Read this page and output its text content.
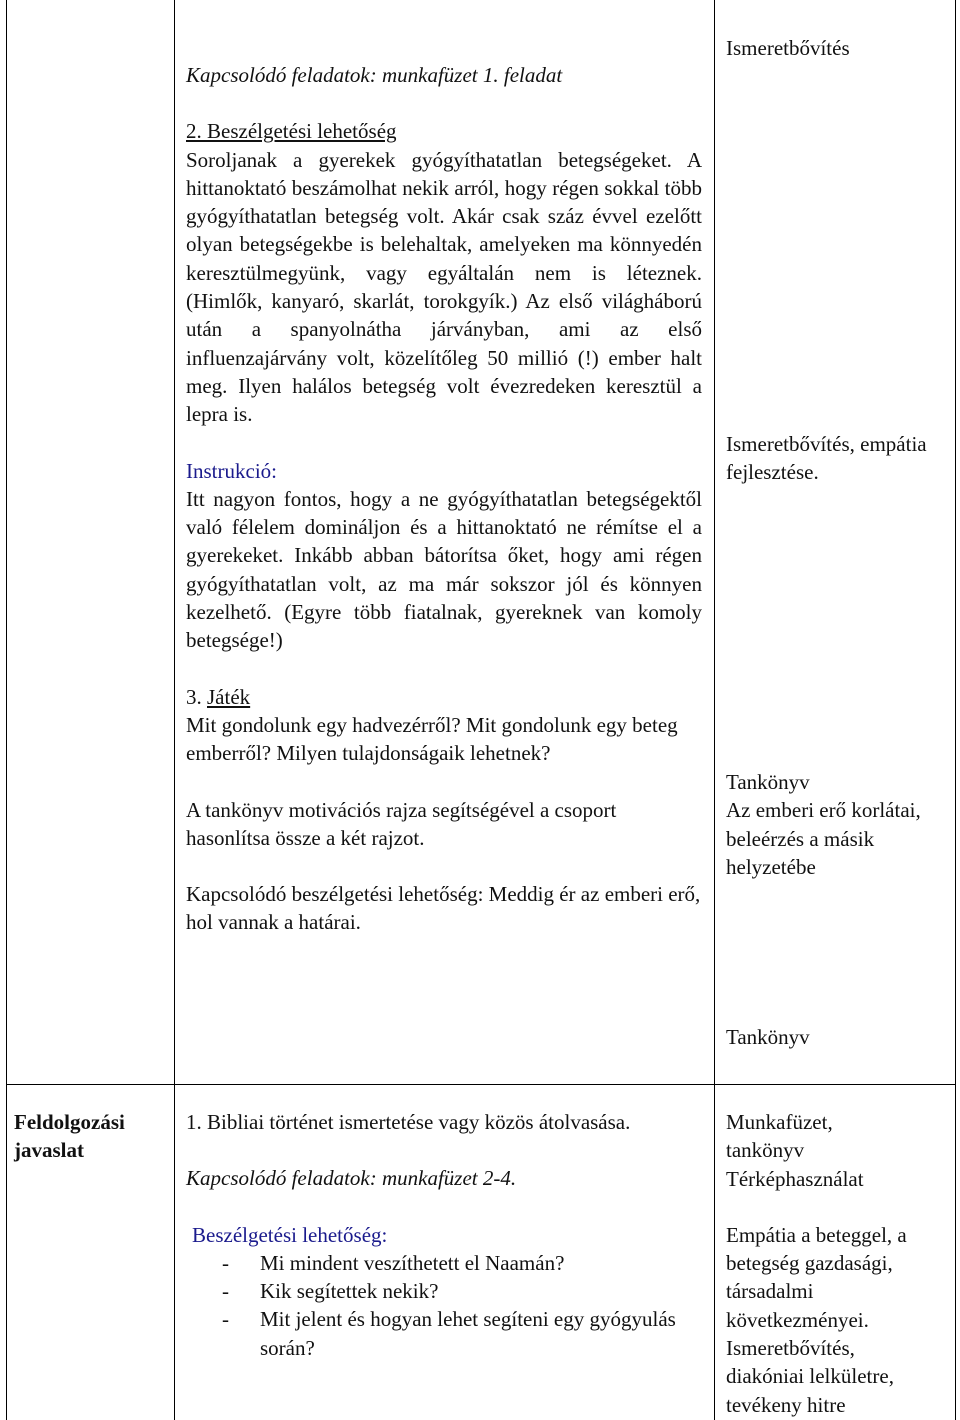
Kapcsolódó feladatok: munkafüzet 1. feladat
2. Beszélgetési lehetőség
Soroljanak a gyerekek gyógyíthatatlan betegségeket. A hittanoktató beszámolhat nekik arról, hogy régen sokkal több gyógyíthatatlan betegség volt. Akár csak száz évvel ezelőtt olyan betegségekbe is belehaltak, amelyeken ma könnyedén keresztülmegyünk, vagy egyáltalán nem is léteznek. (Himlők, kanyaró, skarlát, torokgyík.) Az első világháború után a spanyolnátha járványban, ami az első influenzajárvány volt, közelítőleg 50 millió (!) ember halt meg. Ilyen halálos betegség volt évezredeken keresztül a lepra is.
Instrukció:
Itt nagyon fontos, hogy a ne gyógyíthatatlan betegségektől való félelem domináljon és a hittanoktató ne rémítse el a gyerekeket. Inkább abban bátorítsa őket, hogy ami régen gyógyíthatatlan volt, az ma már sokszor jól és könnyen kezelhető. (Egyre több fiatalnak, gyereknek van komoly betegsége!)
3. Játék
Mit gondolunk egy hadvezérről? Mit gondolunk egy beteg emberről? Milyen tulajdonságaik lehetnek?
A tankönyv motivációs rajza segítségével a csoport hasonlítsa össze a két rajzot.
Kapcsolódó beszélgetési lehetőség: Meddig ér az emberi erő, hol vannak a határai.
Ismeretbővítés
Ismeretbővítés, empátia fejlesztése.
Tankönyv
Az emberi erő korlátai, beleérzés a másik helyzetébe
Tankönyv
Feldolgozási javaslat
1. Bibliai történet ismertetése vagy közös átolvasása.
Kapcsolódó feladatok: munkafüzet 2-4.
Beszélgetési lehetőség:
- Mi mindent veszíthetett el Naamán?
- Kik segítettek nekik?
- Mit jelent és hogyan lehet segíteni egy gyógyulás során?
Munkafüzet, tankönyv
Térképhasználat
Empátia a beteggel, a betegség gazdasági, társadalmi következményei.
Ismeretbővítés, diakóniai lelkületre, tevékeny hitre
